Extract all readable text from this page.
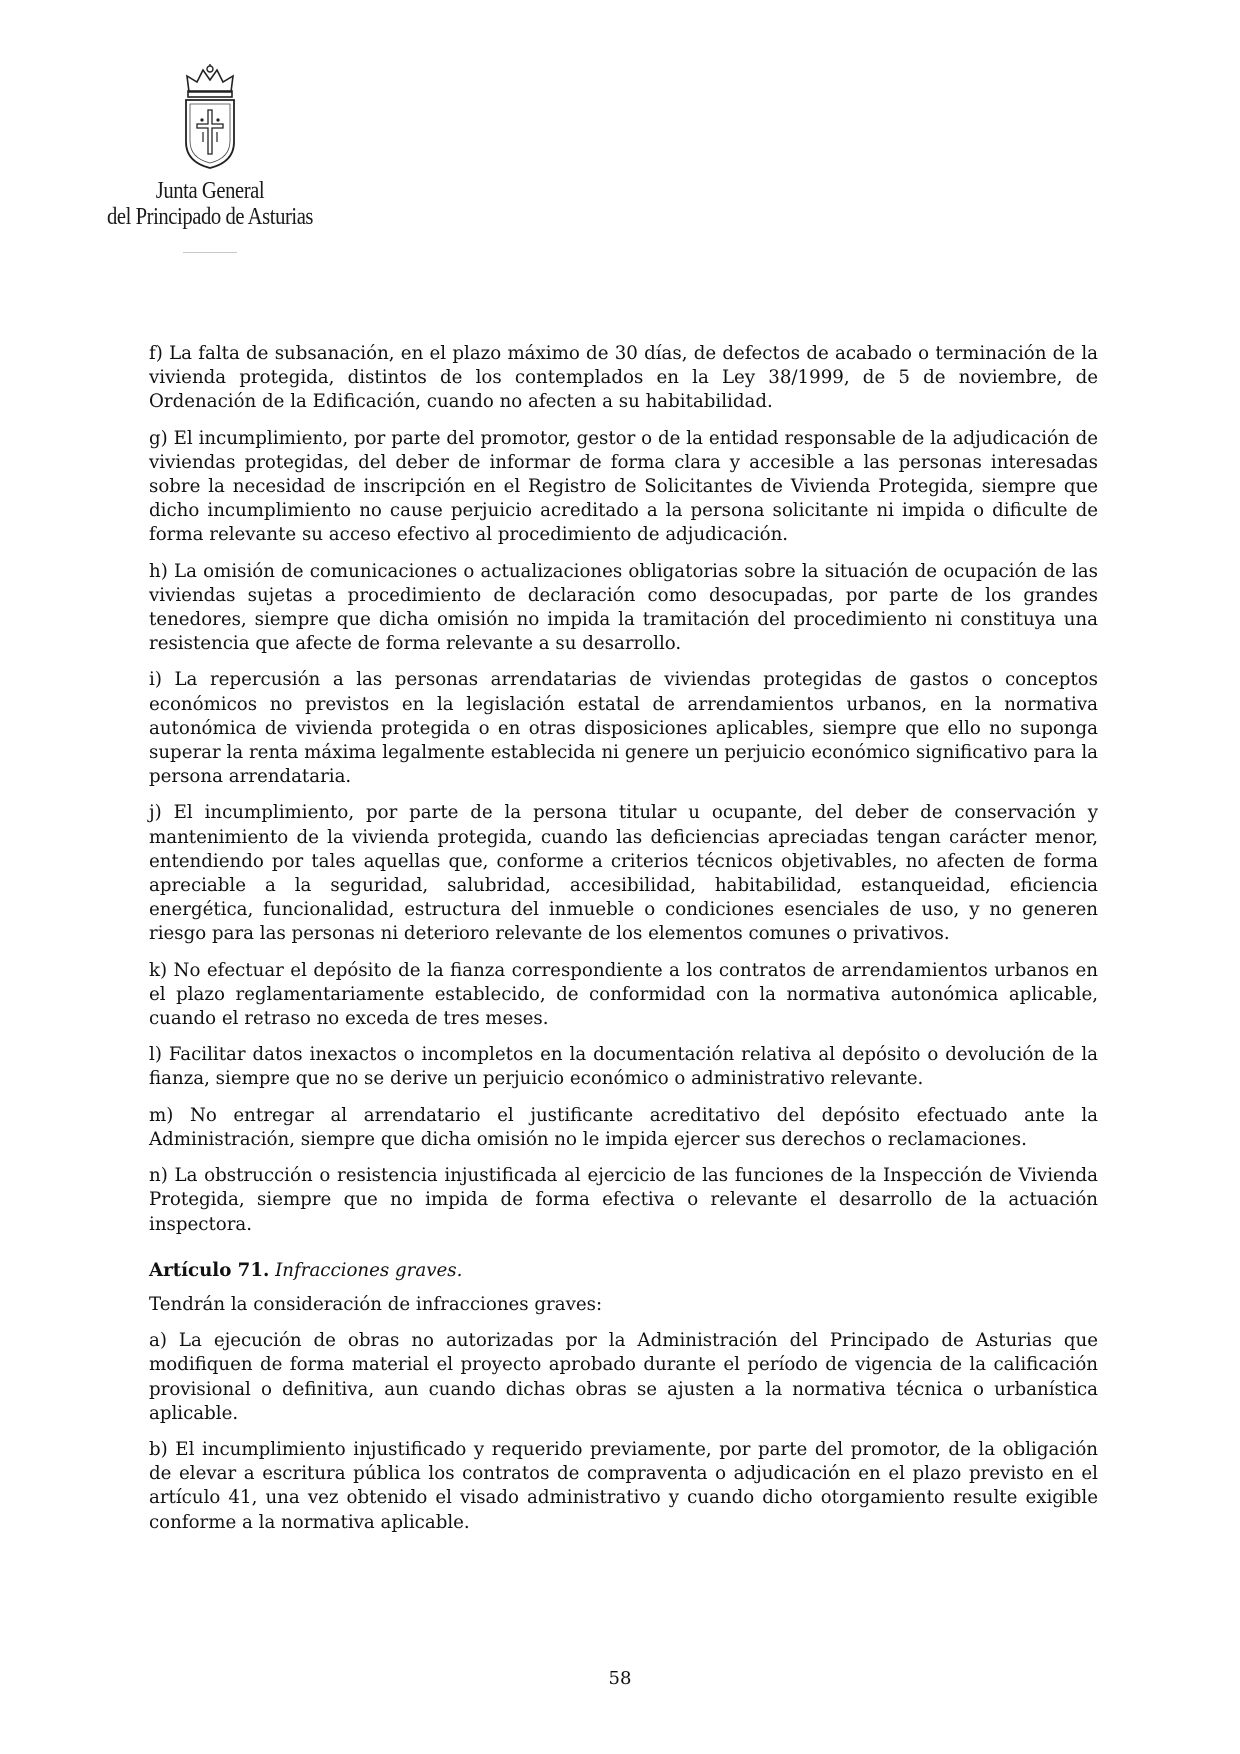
Junta General
del Principado de Asturias

f) La falta de subsanación, en el plazo máximo de 30 días, de defectos de acabado o terminación de la vivienda protegida, distintos de los contemplados en la Ley 38/1999, de 5 de noviembre, de Ordenación de la Edificación, cuando no afecten a su habitabilidad.

g) El incumplimiento, por parte del promotor, gestor o de la entidad responsable de la adjudicación de viviendas protegidas, del deber de informar de forma clara y accesible a las personas interesadas sobre la necesidad de inscripción en el Registro de Solicitantes de Vivienda Protegida, siempre que dicho incumplimiento no cause perjuicio acreditado a la persona solicitante ni impida o dificulte de forma relevante su acceso efectivo al procedimiento de adjudicación.

h) La omisión de comunicaciones o actualizaciones obligatorias sobre la situación de ocupación de las viviendas sujetas a procedimiento de declaración como desocupadas, por parte de los grandes tenedores, siempre que dicha omisión no impida la tramitación del procedimiento ni constituya una resistencia que afecte de forma relevante a su desarrollo.

i) La repercusión a las personas arrendatarias de viviendas protegidas de gastos o conceptos económicos no previstos en la legislación estatal de arrendamientos urbanos, en la normativa autonómica de vivienda protegida o en otras disposiciones aplicables, siempre que ello no suponga superar la renta máxima legalmente establecida ni genere un perjuicio económico significativo para la persona arrendataria.

j) El incumplimiento, por parte de la persona titular u ocupante, del deber de conservación y mantenimiento de la vivienda protegida, cuando las deficiencias apreciadas tengan carácter menor, entendiendo por tales aquellas que, conforme a criterios técnicos objetivables, no afecten de forma apreciable a la seguridad, salubridad, accesibilidad, habitabilidad, estanqueidad, eficiencia energética, funcionalidad, estructura del inmueble o condiciones esenciales de uso, y no generen riesgo para las personas ni deterioro relevante de los elementos comunes o privativos.

k) No efectuar el depósito de la fianza correspondiente a los contratos de arrendamientos urbanos en el plazo reglamentariamente establecido, de conformidad con la normativa autonómica aplicable, cuando el retraso no exceda de tres meses.

l) Facilitar datos inexactos o incompletos en la documentación relativa al depósito o devolución de la fianza, siempre que no se derive un perjuicio económico o administrativo relevante.

m) No entregar al arrendatario el justificante acreditativo del depósito efectuado ante la Administración, siempre que dicha omisión no le impida ejercer sus derechos o reclamaciones.

n) La obstrucción o resistencia injustificada al ejercicio de las funciones de la Inspección de Vivienda Protegida, siempre que no impida de forma efectiva o relevante el desarrollo de la actuación inspectora.

Artículo 71. Infracciones graves.

Tendrán la consideración de infracciones graves:

a) La ejecución de obras no autorizadas por la Administración del Principado de Asturias que modifiquen de forma material el proyecto aprobado durante el período de vigencia de la calificación provisional o definitiva, aun cuando dichas obras se ajusten a la normativa técnica o urbanística aplicable.

b) El incumplimiento injustificado y requerido previamente, por parte del promotor, de la obligación de elevar a escritura pública los contratos de compraventa o adjudicación en el plazo previsto en el artículo 41, una vez obtenido el visado administrativo y cuando dicho otorgamiento resulte exigible conforme a la normativa aplicable.

58
